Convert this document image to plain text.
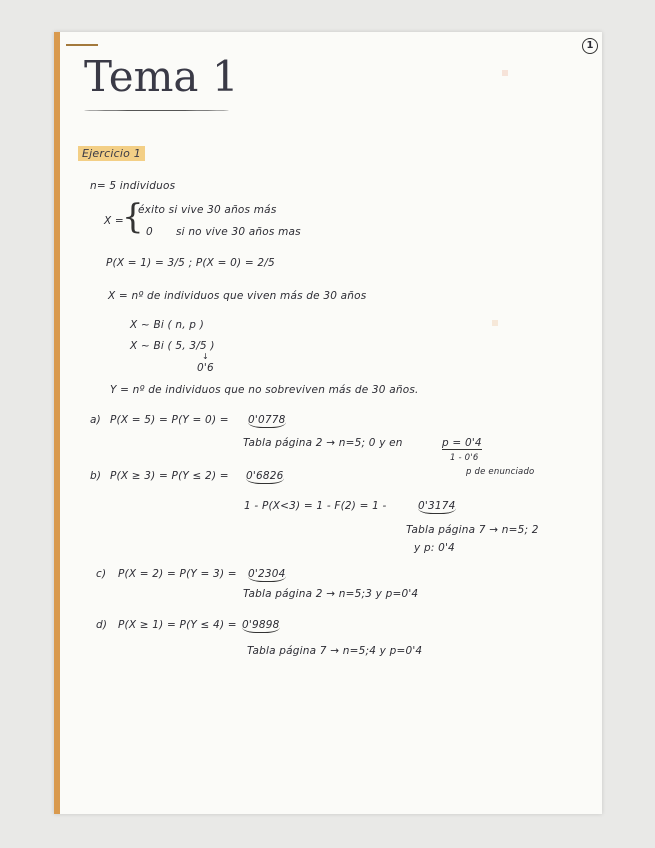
1
Tema 1
Ejercicio 1
n= 5 individuos
X =
{
éxito si vive 30 años más
0 si no vive 30 años mas
P(X = 1) = 3/5 ; P(X = 0) = 2/5
X = nº de individuos que viven más de 30 años
X ~ Bi ( n, p )
X ~ Bi ( 5, 3/5 )
↓
0'6
Y = nº de individuos que no sobreviven más de 30 años.
a) P(X = 5) = P(Y = 0) = 0'0778
Tabla página 2 → n=5; 0 y en	p = 0'4
1 - 0'6
p de enunciado
b) P(X ≥ 3) = P(Y ≤ 2) = 0'6826
1 - P(X<3) = 1 - F(2) = 1 -	0'3174
Tabla página 7 → n=5; 2
y p: 0'4
c) P(X = 2) = P(Y = 3) = 0'2304
Tabla página 2 → n=5;3 y p=0'4
d) P(X ≥ 1) = P(Y ≤ 4) = 0'9898
Tabla página 7 → n=5;4 y p=0'4
